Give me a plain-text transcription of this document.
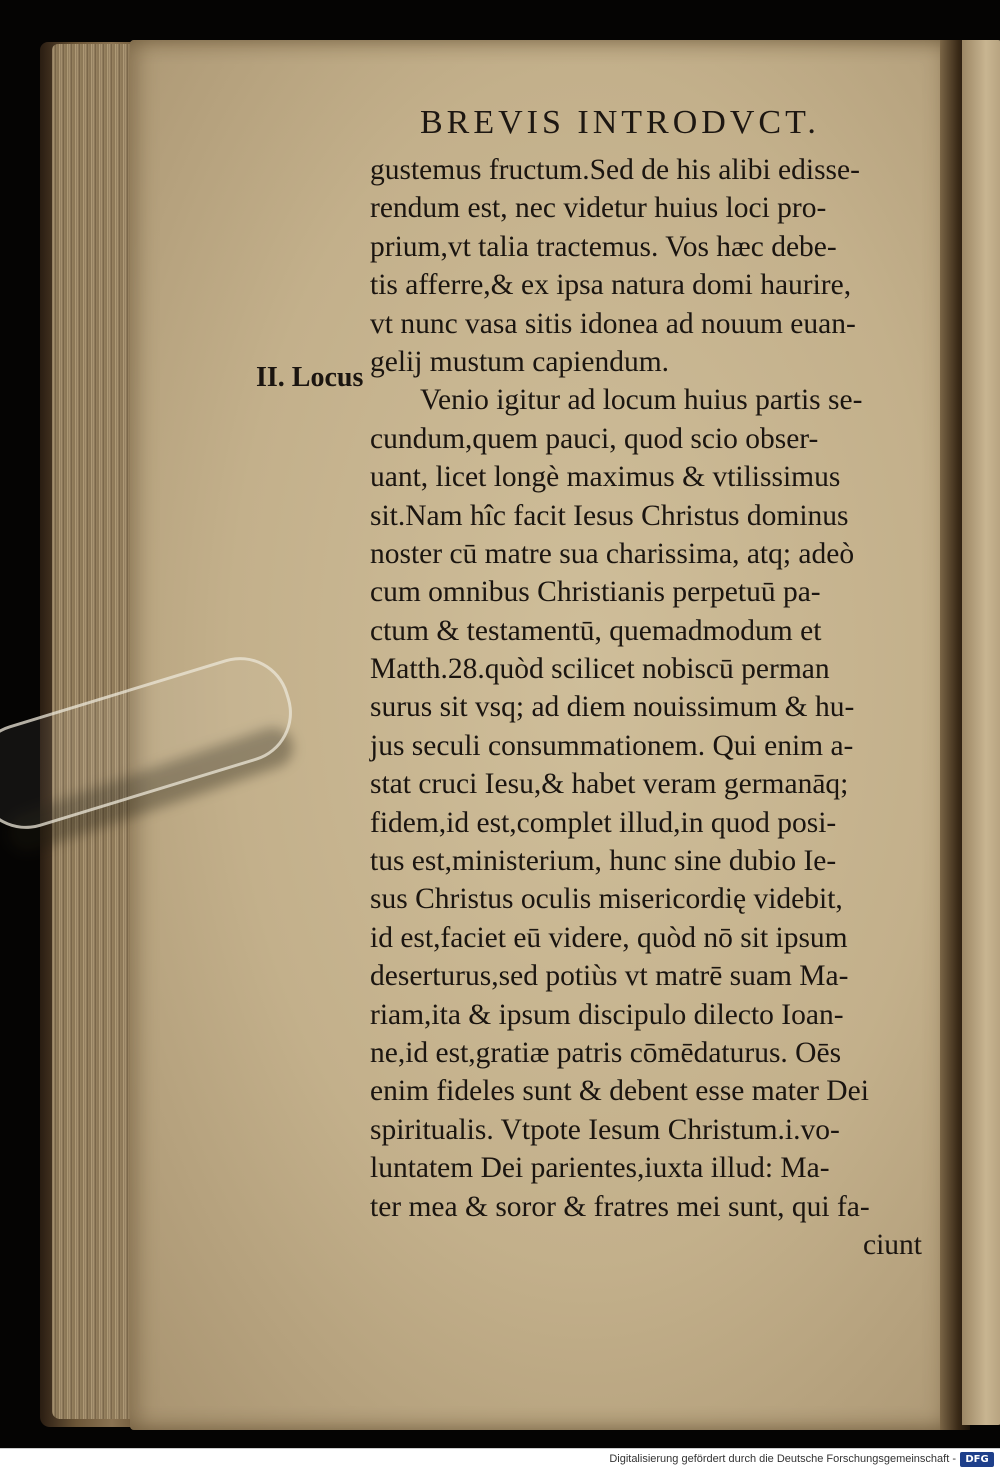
BREVIS INTRODVCT.
II. Locus
gustemus fructum.Sed de his alibi edisse-
rendum est, nec videtur huius loci pro-
prium,vt talia tractemus. Vos hæc debe-
tis afferre,& ex ipsa natura domi haurire,
vt nunc vasa sitis idonea ad nouum euan-
gelij mustum capiendum.
Venio igitur ad locum huius partis se-
cundum,quem pauci, quod scio obser-
uant, licet longè maximus & vtilissimus
sit.Nam hîc facit Iesus Christus dominus
noster cū matre sua charissima, atq; adeò
cum omnibus Christianis perpetuū pa-
ctum & testamentū, quemadmodum et
Matth.28.quòd scilicet nobiscū perman
surus sit vsq; ad diem nouissimum & hu-
jus seculi consummationem. Qui enim a-
stat cruci Iesu,& habet veram germanāq;
fidem,id est,complet illud,in quod posi-
tus est,ministerium, hunc sine dubio Ie-
sus Christus oculis misericordię videbit,
id est,faciet eū videre, quòd nō sit ipsum
deserturus,sed potiùs vt matrē suam Ma-
riam,ita & ipsum discipulo dilecto Ioan-
ne,id est,gratiæ patris cōmēdaturus. Oēs
enim fideles sunt & debent esse mater Dei
spiritualis. Vtpote Iesum Christum.i.vo-
luntatem Dei parientes,iuxta illud: Ma-
ter mea & soror & fratres mei sunt, qui fa-
ciunt
Digitalisierung gefördert durch die Deutsche Forschungsgemeinschaft - DFG
